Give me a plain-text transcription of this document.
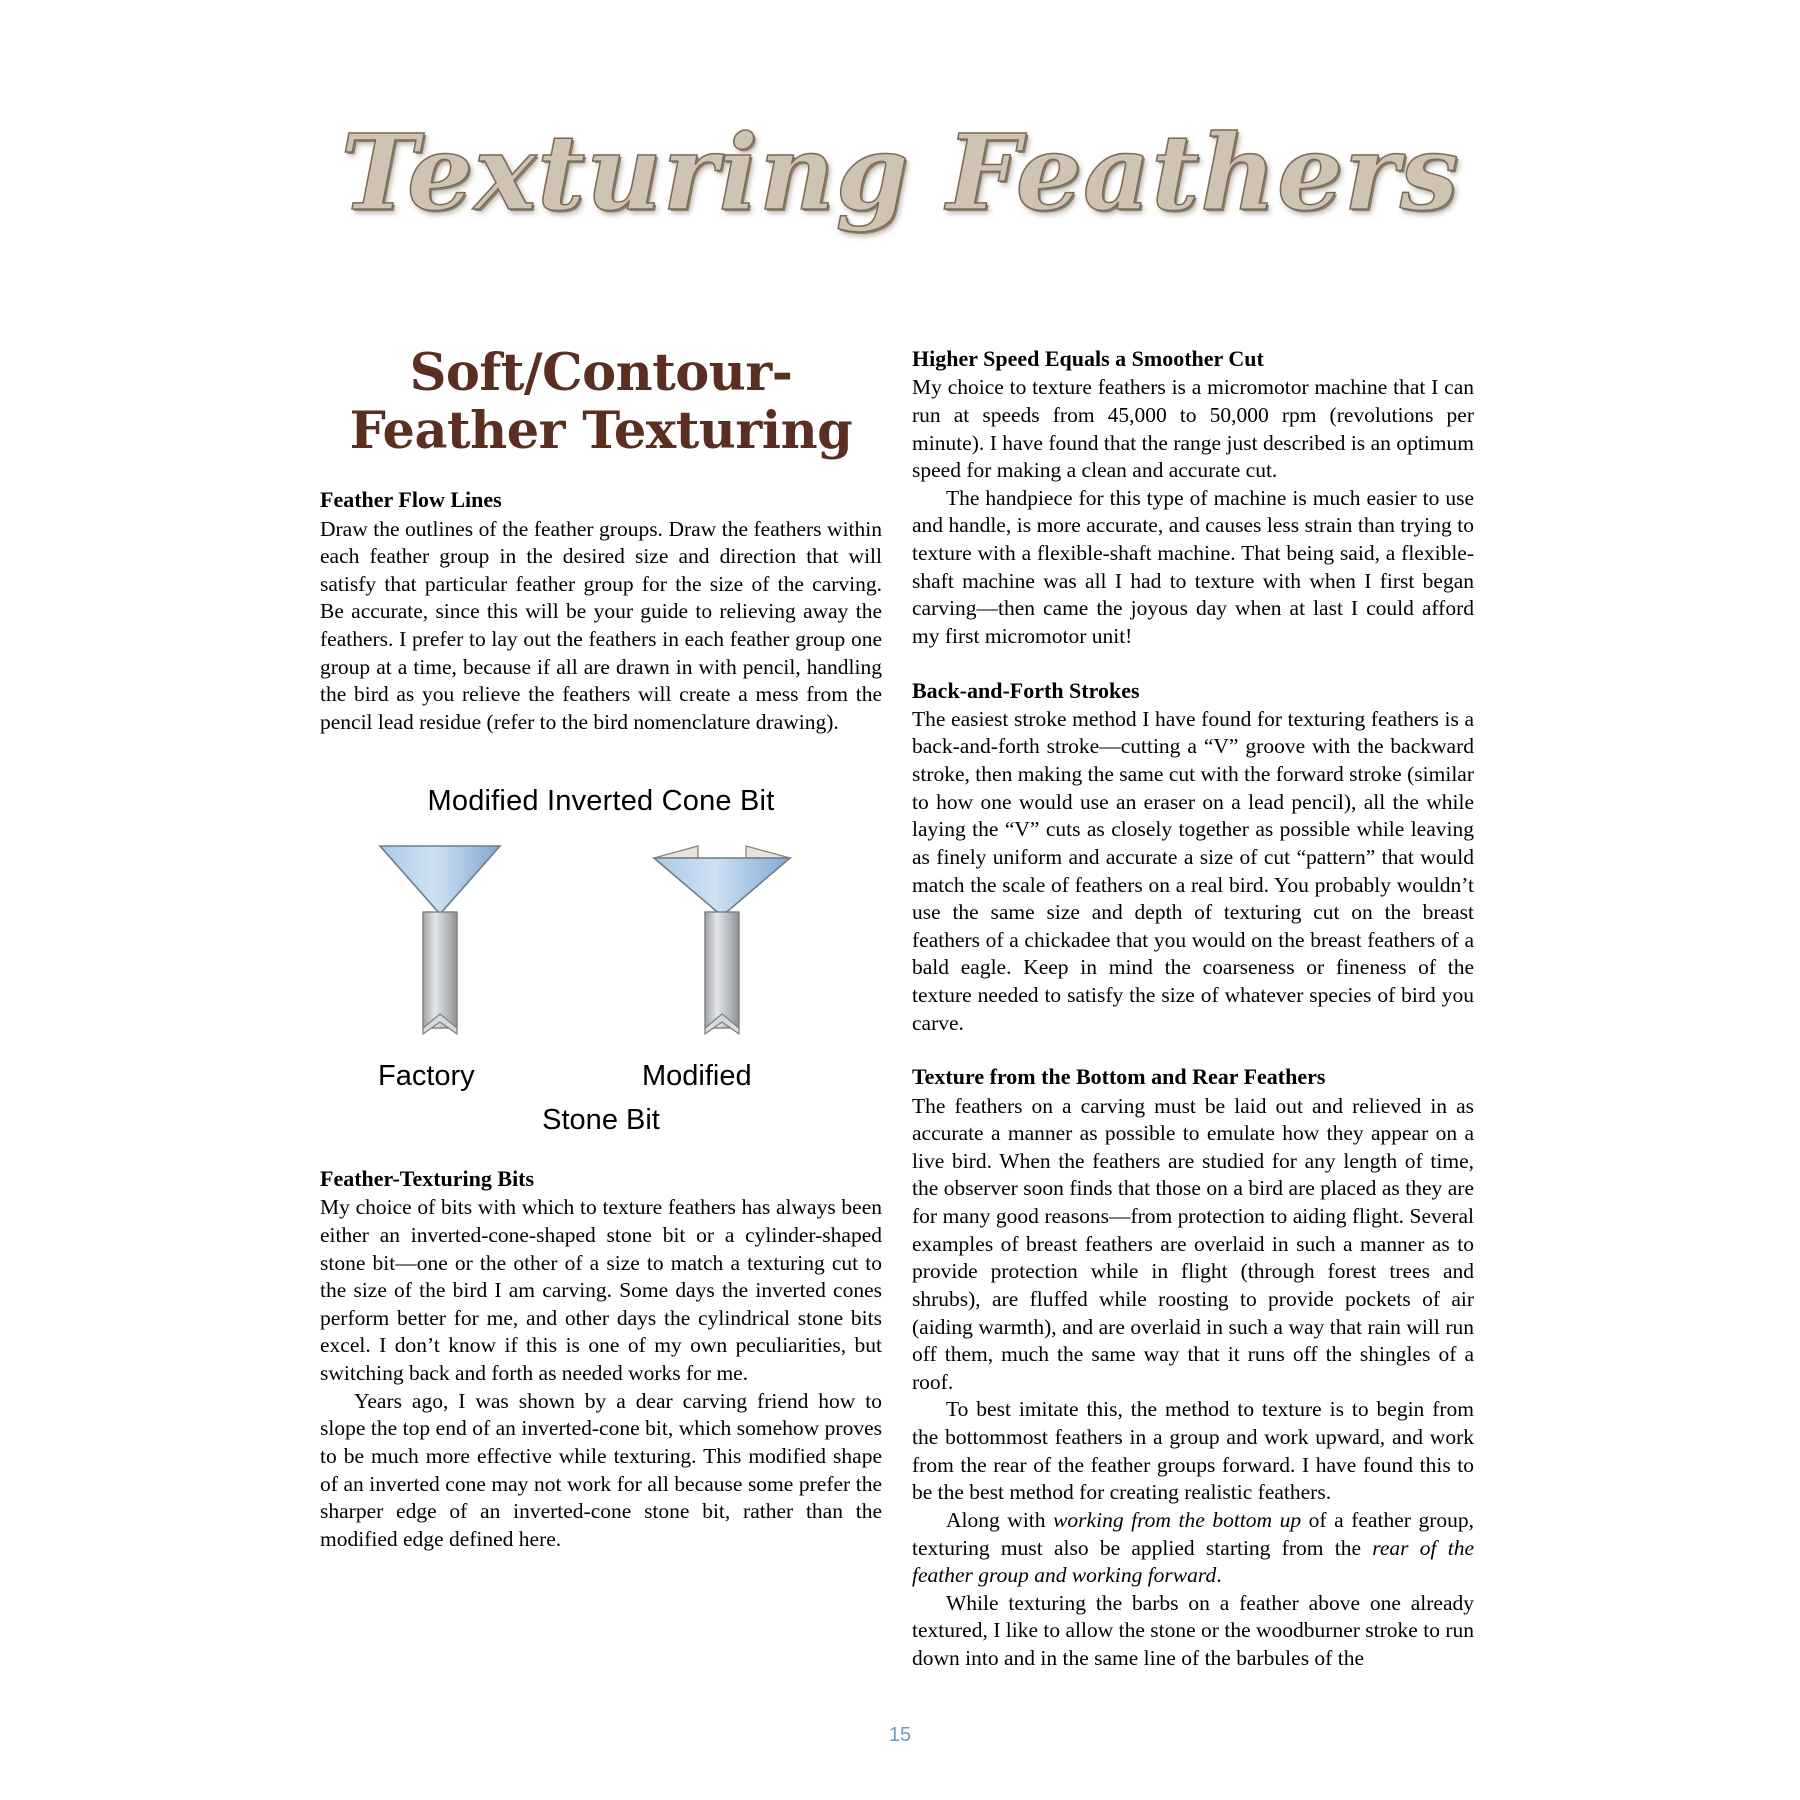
Texturing Feathers
Soft/Contour-
Feather Texturing
Feather Flow Lines

Draw the outlines of the feather groups. Draw the feathers within each feather group in the desired size and direction that will satisfy that particular feather group for the size of the carving. Be accurate, since this will be your guide to relieving away the feathers. I prefer to lay out the feathers in each feather group one group at a time, because if all are drawn in with pencil, handling the bird as you relieve the feathers will create a mess from the pencil lead residue (refer to the bird nomenclature drawing).

Modified Inverted Cone Bit
Factory	Modified
Stone Bit
Feather-Texturing Bits

My choice of bits with which to texture feathers has always been either an inverted-cone-shaped stone bit or a cylinder-shaped stone bit—one or the other of a size to match a texturing cut to the size of the bird I am carving. Some days the inverted cones perform better for me, and other days the cylindrical stone bits excel. I don’t know if this is one of my own peculiarities, but switching back and forth as needed works for me.

Years ago, I was shown by a dear carving friend how to slope the top end of an inverted-cone bit, which somehow proves to be much more effective while texturing. This modified shape of an inverted cone may not work for all because some prefer the sharper edge of an inverted-cone stone bit, rather than the modified edge defined here.

Higher Speed Equals a Smoother Cut

My choice to texture feathers is a micromotor machine that I can run at speeds from 45,000 to 50,000 rpm (revolutions per minute). I have found that the range just described is an optimum speed for making a clean and accurate cut.

The handpiece for this type of machine is much easier to use and handle, is more accurate, and causes less strain than trying to texture with a flexible-shaft machine. That being said, a flexible-shaft machine was all I had to texture with when I first began carving—then came the joyous day when at last I could afford my first micromotor unit!

Back-and-Forth Strokes

The easiest stroke method I have found for texturing feathers is a back-and-forth stroke—cutting a “V” groove with the backward stroke, then making the same cut with the forward stroke (similar to how one would use an eraser on a lead pencil), all the while laying the “V” cuts as closely together as possible while leaving as finely uniform and accurate a size of cut “pattern” that would match the scale of feathers on a real bird. You probably wouldn’t use the same size and depth of texturing cut on the breast feathers of a chickadee that you would on the breast feathers of a bald eagle. Keep in mind the coarseness or fineness of the texture needed to satisfy the size of whatever species of bird you carve.

Texture from the Bottom and Rear Feathers

The feathers on a carving must be laid out and relieved in as accurate a manner as possible to emulate how they appear on a live bird. When the feathers are studied for any length of time, the observer soon finds that those on a bird are placed as they are for many good reasons—from protection to aiding flight. Several examples of breast feathers are overlaid in such a manner as to provide protection while in flight (through forest trees and shrubs), are fluffed while roosting to provide pockets of air (aiding warmth), and are overlaid in such a way that rain will run off them, much the same way that it runs off the shingles of a roof.

To best imitate this, the method to texture is to begin from the bottommost feathers in a group and work upward, and work from the rear of the feather groups forward. I have found this to be the best method for creating realistic feathers.

Along with working from the bottom up of a feather group, texturing must also be applied starting from the rear of the feather group and working forward.

While texturing the barbs on a feather above one already textured, I like to allow the stone or the woodburner stroke to run down into and in the same line of the barbules of the

15
